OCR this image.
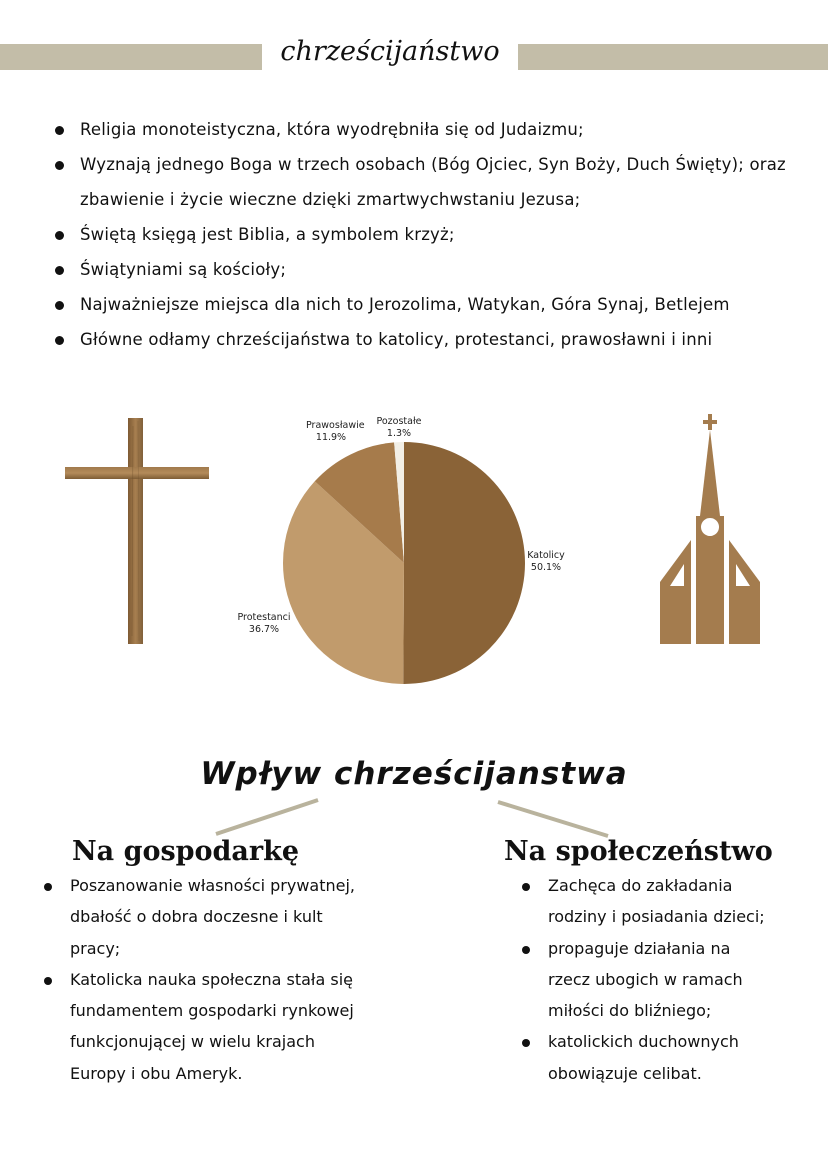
chrześcijaństwo
Religia monoteistyczna, która wyodrębniła się od Judaizmu;
Wyznają jednego Boga w trzech osobach (Bóg Ojciec, Syn Boży, Duch Święty); oraz zbawienie i życie wieczne dzięki zmartwychwstaniu Jezusa;
Świętą księgą jest Biblia, a symbolem krzyż;
Świątyniami są kościoły;
Najważniejsze miejsca dla nich to Jerozolima, Watykan, Góra Synaj, Betlejem
Główne odłamy chrześcijaństwa to katolicy, protestanci, prawosławni i inni
Prawosławie
11.9%
Pozostałe
1.3%
Katolicy
50.1%
Protestanci
36.7%
Wpływ chrześcijanstwa
Na gospodarkę
Poszanowanie własności prywatnej, dbałość o dobra doczesne i kult pracy;
Katolicka nauka społeczna stała się fundamentem gospodarki rynkowej funkcjonującej w wielu krajach Europy i obu Ameryk.
Na społeczeństwo
Zachęca do zakładania rodziny i posiadania dzieci;
propaguje działania na rzecz ubogich w ramach miłości do bliźniego;
katolickich duchownych obowiązuje celibat.
